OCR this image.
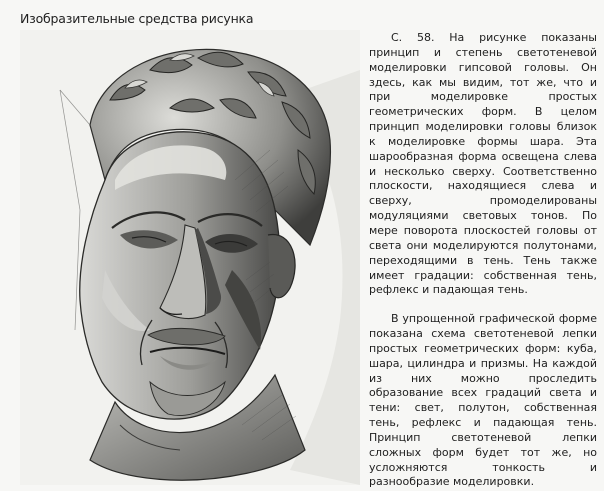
Изобразительные средства рисунка

С. 58. На рисунке показаны принцип и степень светотеневой моделировки гипсовой головы. Он здесь, как мы видим, тот же, что и при моделировке простых геометрических форм. В целом принцип моделировки головы близок к моделировке формы шара. Эта шарообразная форма освещена слева и несколько сверху. Соответственно плоскости, находящиеся слева и сверху, промоделированы модуляциями световых тонов. По мере поворота плоскостей головы от света они моделируются полутонами, переходящими в тень. Тень также имеет градации: собственная тень, рефлекс и падающая тень.

В упрощенной графической форме показана схема светотеневой лепки простых геометрических форм: куба, шара, цилиндра и призмы. На каждой из них можно проследить образование всех градаций света и тени: свет, полутон, собственная тень, рефлекс и падающая тень. Принцип светотеневой лепки сложных форм будет тот же, но усложняются тонкость и разнообразие моделировки.
